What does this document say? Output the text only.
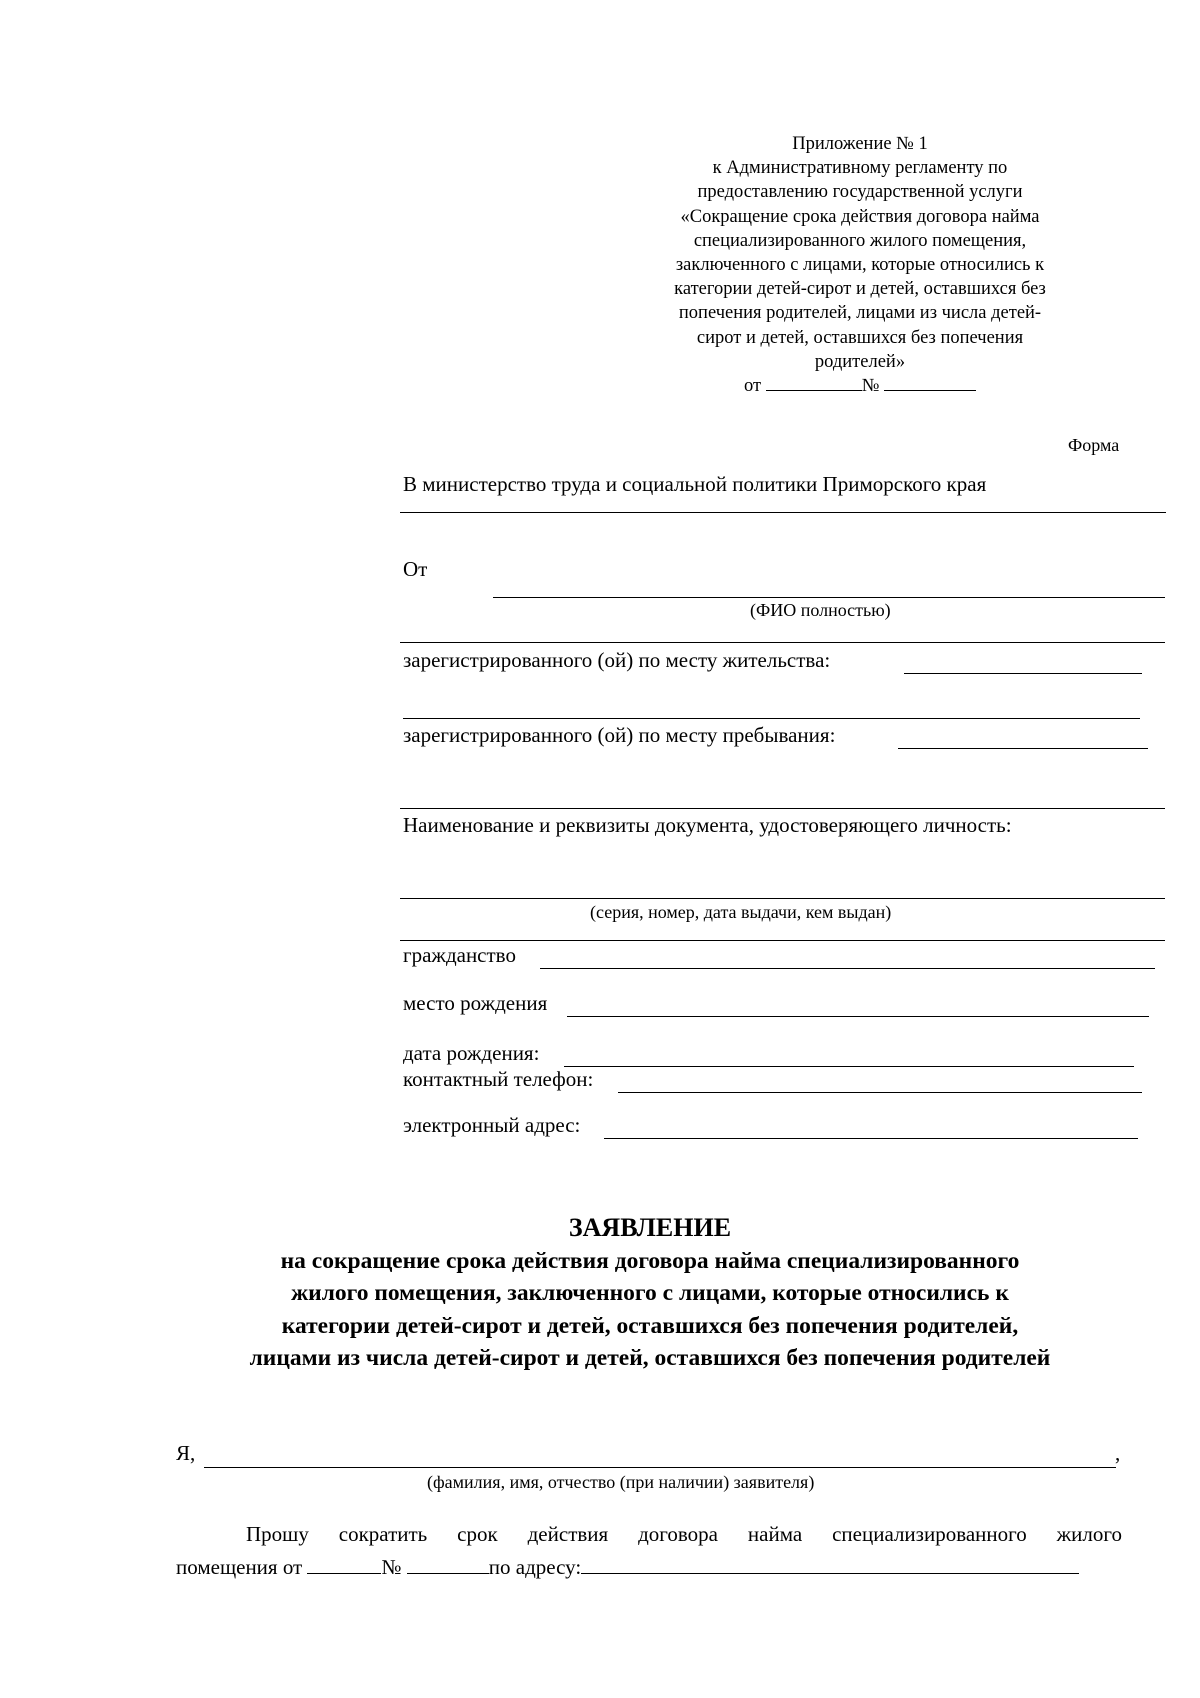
Приложение № 1
к Административному регламенту по
предоставлению государственной услуги
«Сокращение срока действия договора найма
специализированного жилого помещения,
заключенного с лицами, которые относились к
категории детей-сирот и детей, оставшихся без
попечения родителей, лицами из числа детей-
сирот и детей, оставшихся без попечения
родителей»
от	№
Форма
В министерство труда и социальной политики Приморского края
От
(ФИО полностью)
зарегистрированного (ой) по месту жительства:
зарегистрированного (ой) по месту пребывания:
Наименование и реквизиты документа, удостоверяющего личность:
(серия, номер, дата выдачи, кем выдан)
гражданство
место рождения
дата рождения:
контактный телефон:
электронный адрес:
ЗАЯВЛЕНИЕ
на сокращение срока действия договора найма специализированного
жилого помещения, заключенного с лицами, которые относились к
категории детей-сирот и детей, оставшихся без попечения родителей,
лицами из числа детей-сирот и детей, оставшихся без попечения родителей
Я,	,
(фамилия, имя, отчество (при наличии) заявителя)
Прошу сократить срок действия договора найма специализированного жилого
помещения от	№	по адресу:
